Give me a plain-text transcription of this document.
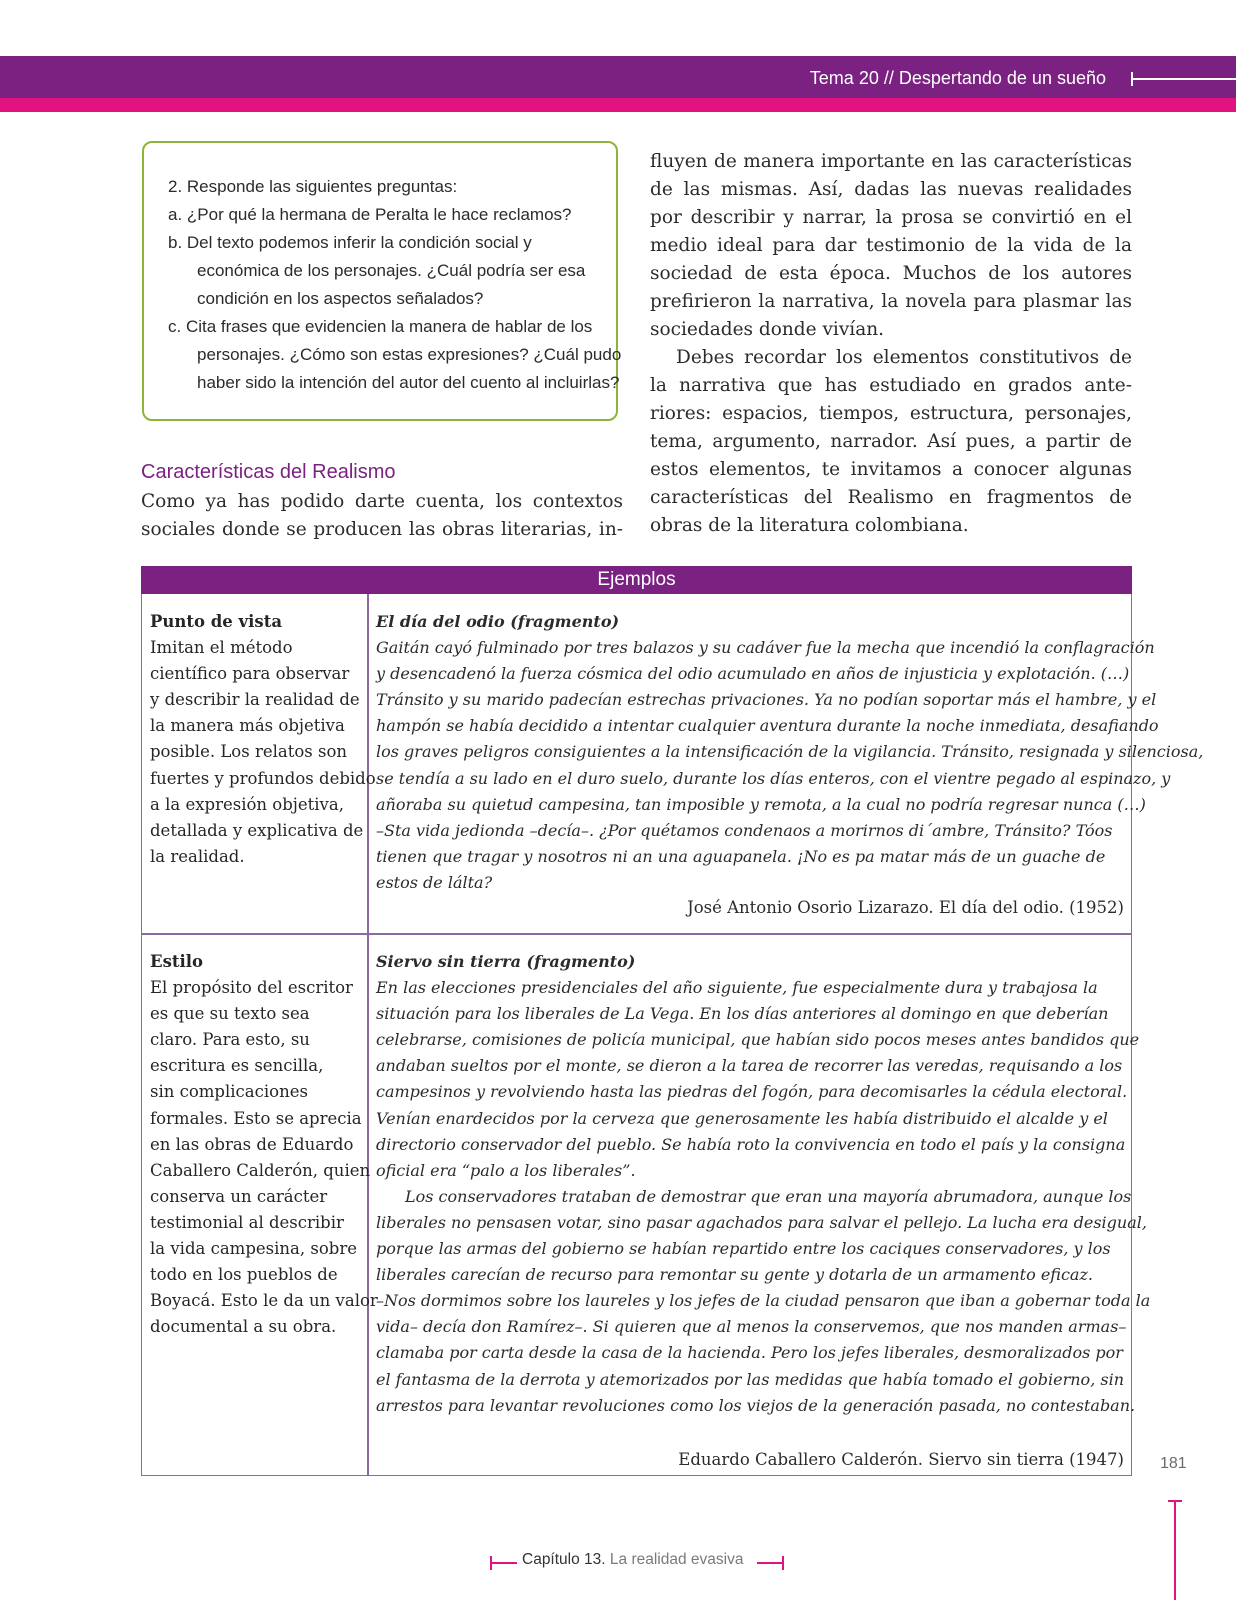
Tema 20 // Despertando de un sueño
2. Responde las siguientes preguntas:
a. ¿Por qué la hermana de Peralta le hace reclamos?
b. Del texto podemos inferir la condición social y
económica de los personajes. ¿Cuál podría ser esa
condición en los aspectos señalados?
c. Cita frases que evidencien la manera de hablar de los
personajes. ¿Cómo son estas expresiones? ¿Cuál pudo
haber sido la intención del autor del cuento al incluirlas?
Características del Realismo
Como ya has podido darte cuenta, los contextos
sociales donde se producen las obras literarias, in-
fluyen de manera importante en las características
de las mismas. Así, dadas las nuevas realidades
por describir y narrar, la prosa se convirtió en el
medio ideal para dar testimonio de la vida de la
sociedad de esta época. Muchos de los autores
prefirieron la narrativa, la novela para plasmar las
sociedades donde vivían.
Debes recordar los elementos constitutivos de
la narrativa que has estudiado en grados ante-
riores: espacios, tiempos, estructura, personajes,
tema, argumento, narrador. Así pues, a partir de
estos elementos, te invitamos a conocer algunas
características del Realismo en fragmentos de
obras de la literatura colombiana.
Ejemplos
Punto de vista
Imitan el método
científico para observar
y describir la realidad de
la manera más objetiva
posible. Los relatos son
fuertes y profundos debido
a la expresión objetiva,
detallada y explicativa de
la realidad.
El día del odio (fragmento)
Gaitán cayó fulminado por tres balazos y su cadáver fue la mecha que incendió la conflagración
y desencadenó la fuerza cósmica del odio acumulado en años de injusticia y explotación. (…)
Tránsito y su marido padecían estrechas privaciones. Ya no podían soportar más el hambre, y el
hampón se había decidido a intentar cualquier aventura durante la noche inmediata, desafiando
los graves peligros consiguientes a la intensificación de la vigilancia. Tránsito, resignada y silenciosa,
se tendía a su lado en el duro suelo, durante los días enteros, con el vientre pegado al espinazo, y
añoraba su quietud campesina, tan imposible y remota, a la cual no podría regresar nunca (…)
–Sta vida jedionda –decía–. ¿Por quétamos condenaos a morirnos di´ambre, Tránsito? Tóos
tienen que tragar y nosotros ni an una aguapanela. ¡No es pa matar más de un guache de
estos de lálta?
José Antonio Osorio Lizarazo. El día del odio. (1952)
Estilo
El propósito del escritor
es que su texto sea
claro. Para esto, su
escritura es sencilla,
sin complicaciones
formales. Esto se aprecia
en las obras de Eduardo
Caballero Calderón, quien
conserva un carácter
testimonial al describir
la vida campesina, sobre
todo en los pueblos de
Boyacá. Esto le da un valor
documental a su obra.
Siervo sin tierra (fragmento)
En las elecciones presidenciales del año siguiente, fue especialmente dura y trabajosa la
situación para los liberales de La Vega. En los días anteriores al domingo en que deberían
celebrarse, comisiones de policía municipal, que habían sido pocos meses antes bandidos que
andaban sueltos por el monte, se dieron a la tarea de recorrer las veredas, requisando a los
campesinos y revolviendo hasta las piedras del fogón, para decomisarles la cédula electoral.
Venían enardecidos por la cerveza que generosamente les había distribuido el alcalde y el
directorio conservador del pueblo. Se había roto la convivencia en todo el país y la consigna
oficial era “palo a los liberales”.
Los conservadores trataban de demostrar que eran una mayoría abrumadora, aunque los
liberales no pensasen votar, sino pasar agachados para salvar el pellejo. La lucha era desigual,
porque las armas del gobierno se habían repartido entre los caciques conservadores, y los
liberales carecían de recurso para remontar su gente y dotarla de un armamento eficaz.
–Nos dormimos sobre los laureles y los jefes de la ciudad pensaron que iban a gobernar toda la
vida– decía don Ramírez–. Si quieren que al menos la conservemos, que nos manden armas–
clamaba por carta desde la casa de la hacienda. Pero los jefes liberales, desmoralizados por
el fantasma de la derrota y atemorizados por las medidas que había tomado el gobierno, sin
arrestos para levantar revoluciones como los viejos de la generación pasada, no contestaban.
Eduardo Caballero Calderón. Siervo sin tierra (1947) 181
Capítulo 13. La realidad evasiva
